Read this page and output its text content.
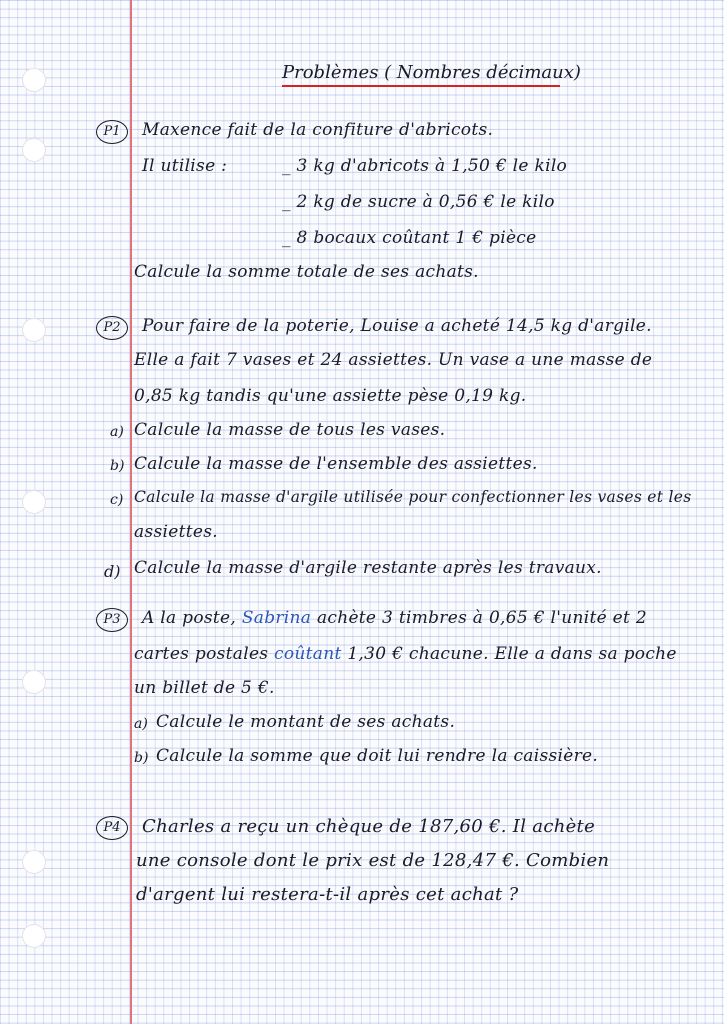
Problèmes ( Nombres décimaux)
P1	Maxence fait de la confiture d'abricots.
Il utilise :	_ 3 kg d'abricots à 1,50 € le kilo
_ 2 kg de sucre à 0,56 € le kilo
_ 8 bocaux coûtant 1 € pièce
Calcule la somme totale de ses achats.
P2	Pour faire de la poterie, Louise a acheté 14,5 kg d'argile.
Elle a fait 7 vases et 24 assiettes. Un vase a une masse de
0,85 kg tandis qu'une assiette pèse 0,19 kg.
a) Calcule la masse de tous les vases.
b) Calcule la masse de l'ensemble des assiettes.
c) Calcule la masse d'argile utilisée pour confectionner les vases et les
assiettes.
d) Calcule la masse d'argile restante après les travaux.
P3	A la poste, Sabrina achète 3 timbres à 0,65 € l'unité et 2
cartes postales coûtant 1,30 € chacune. Elle a dans sa poche
un billet de 5 €.
a) Calcule le montant de ses achats.
b) Calcule la somme que doit lui rendre la caissière.
P4	Charles a reçu un chèque de 187,60 €. Il achète
une console dont le prix est de 128,47 €. Combien
d'argent lui restera-t-il après cet achat ?
